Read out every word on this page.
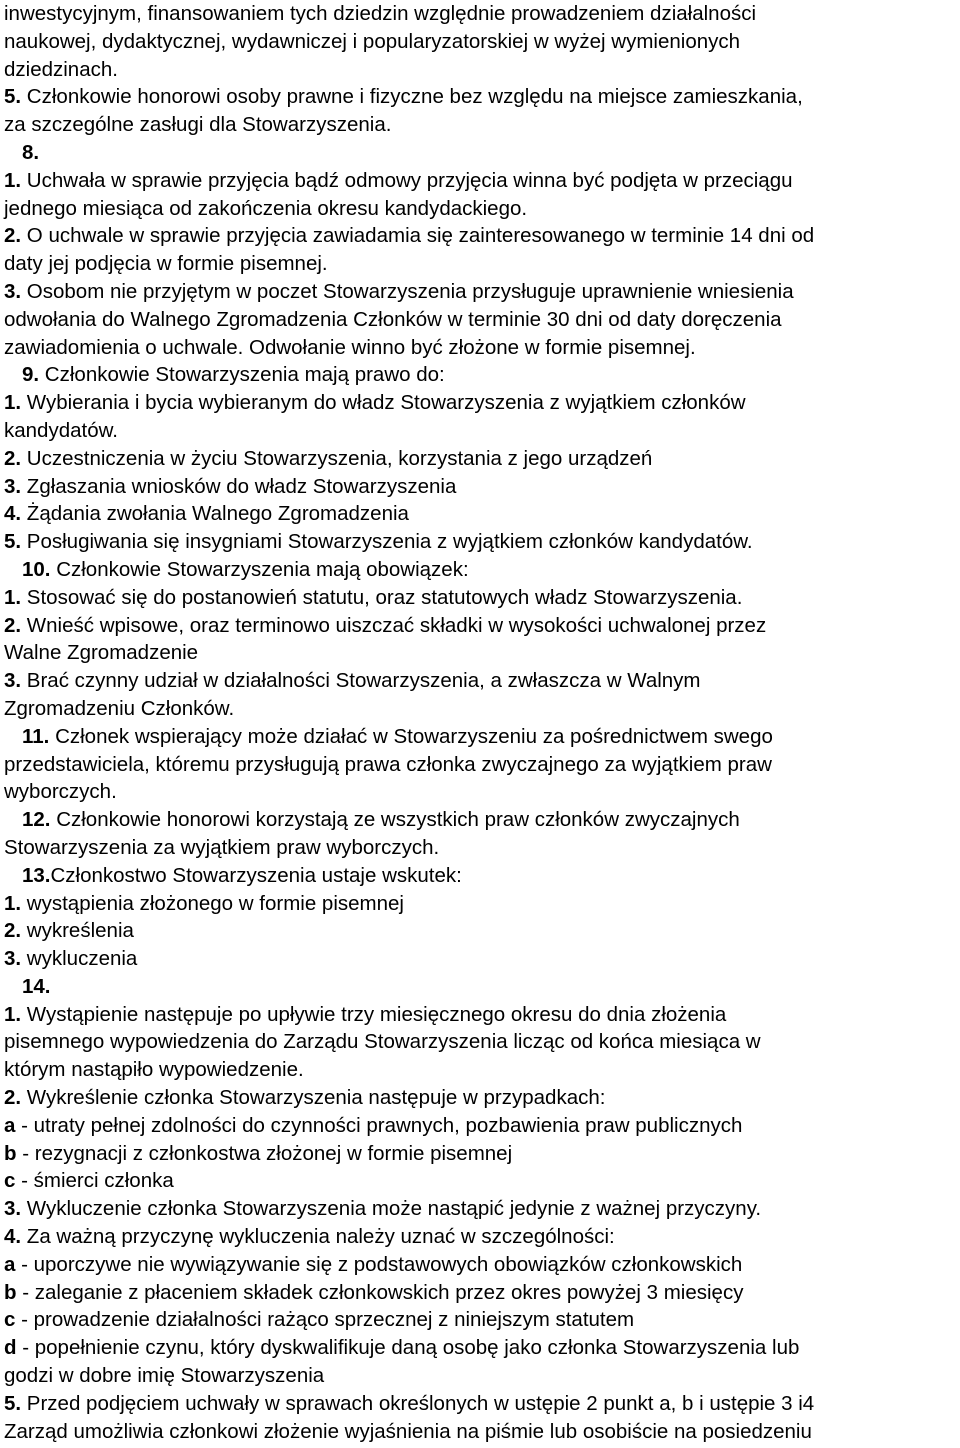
inwestycyjnym, finansowaniem tych dziedzin względnie prowadzeniem działalności

naukowej, dydaktycznej, wydawniczej i popularyzatorskiej w wyżej wymienionych

dziedzinach.

5. Członkowie honorowi osoby prawne i fizyczne bez względu na miejsce zamieszkania,

za szczególne zasługi dla Stowarzyszenia.

8.

1. Uchwała w sprawie przyjęcia bądź odmowy przyjęcia winna być podjęta w przeciągu

jednego miesiąca od zakończenia okresu kandydackiego.

2. O uchwale w sprawie przyjęcia zawiadamia się zainteresowanego w terminie 14 dni od

daty jej podjęcia w formie pisemnej.

3. Osobom nie przyjętym w poczet Stowarzyszenia przysługuje uprawnienie wniesienia

odwołania do Walnego Zgromadzenia Członków w terminie 30 dni od daty doręczenia

zawiadomienia o uchwale. Odwołanie winno być złożone w formie pisemnej.

9. Członkowie Stowarzyszenia mają prawo do:

1. Wybierania i bycia wybieranym do władz Stowarzyszenia z wyjątkiem członków

kandydatów.

2. Uczestniczenia w życiu Stowarzyszenia, korzystania z jego urządzeń

3. Zgłaszania wniosków do władz Stowarzyszenia

4. Żądania zwołania Walnego Zgromadzenia

5. Posługiwania się insygniami Stowarzyszenia z wyjątkiem członków kandydatów.

10. Członkowie Stowarzyszenia mają obowiązek:

1. Stosować się do postanowień statutu, oraz statutowych władz Stowarzyszenia.

2. Wnieść wpisowe, oraz terminowo uiszczać składki w wysokości uchwalonej przez

Walne Zgromadzenie

3. Brać czynny udział w działalności Stowarzyszenia, a zwłaszcza w Walnym

Zgromadzeniu Członków.

11. Członek wspierający może działać w Stowarzyszeniu za pośrednictwem swego

przedstawiciela, któremu przysługują prawa członka zwyczajnego za wyjątkiem praw

wyborczych.

12. Członkowie honorowi korzystają ze wszystkich praw członków zwyczajnych

Stowarzyszenia za wyjątkiem praw wyborczych.

13.Członkostwo Stowarzyszenia ustaje wskutek:

1. wystąpienia złożonego w formie pisemnej

2. wykreślenia

3. wykluczenia

14.

1. Wystąpienie następuje po upływie trzy miesięcznego okresu do dnia złożenia

pisemnego wypowiedzenia do Zarządu Stowarzyszenia licząc od końca miesiąca w

którym nastąpiło wypowiedzenie.

2. Wykreślenie członka Stowarzyszenia następuje w przypadkach:

a - utraty pełnej zdolności do czynności prawnych, pozbawienia praw publicznych

b - rezygnacji z członkostwa złożonej w formie pisemnej

c - śmierci członka

3. Wykluczenie członka Stowarzyszenia może nastąpić jedynie z ważnej przyczyny.

4. Za ważną przyczynę wykluczenia należy uznać w szczególności:

a - uporczywe nie wywiązywanie się z podstawowych obowiązków członkowskich

b - zaleganie z płaceniem składek członkowskich przez okres powyżej 3 miesięcy

c - prowadzenie działalności rażąco sprzecznej z niniejszym statutem

d - popełnienie czynu, który dyskwalifikuje daną osobę jako członka Stowarzyszenia lub

godzi w dobre imię Stowarzyszenia

5. Przed podjęciem uchwały w sprawach określonych w ustępie 2 punkt a, b i ustępie 3 i4

Zarząd umożliwia członkowi złożenie wyjaśnienia na piśmie lub osobiście na posiedzeniu
